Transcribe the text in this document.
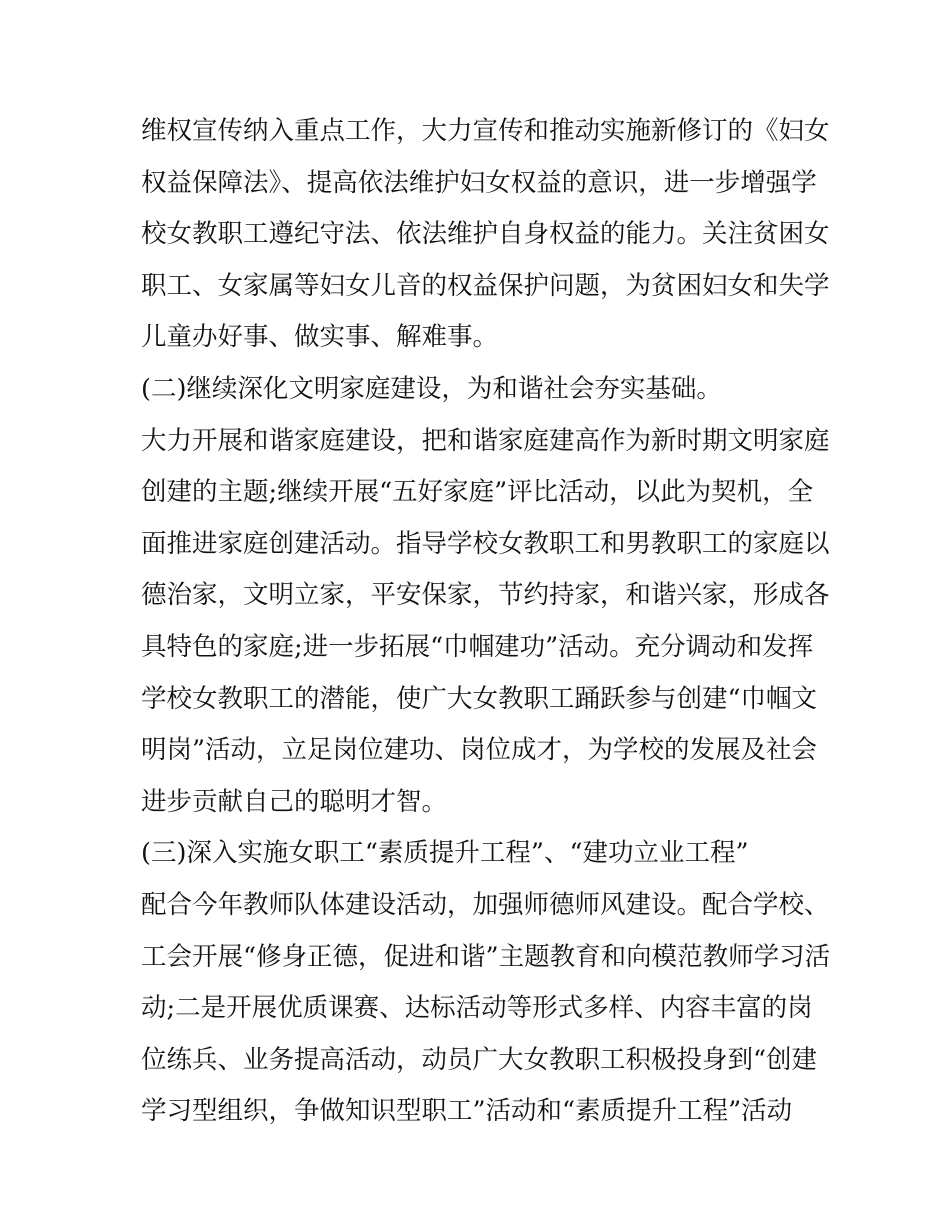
维权宣传纳入重点工作，大力宣传和推动实施新修订的《妇女
权益保障法》、提高依法维护妇女权益的意识，进一步增强学
校女教职工遵纪守法、依法维护自身权益的能力。关注贫困女
职工、女家属等妇女儿音的权益保护问题，为贫困妇女和失学
儿童办好事、做实事、解难事。
(二)继续深化文明家庭建设，为和谐社会夯实基础。
大力开展和谐家庭建设，把和谐家庭建高作为新时期文明家庭
创建的主题;继续开展“五好家庭”评比活动，以此为契机，全
面推进家庭创建活动。指导学校女教职工和男教职工的家庭以
德治家，文明立家，平安保家，节约持家，和谐兴家，形成各
具特色的家庭;进一步拓展“巾帼建功”活动。充分调动和发挥
学校女教职工的潜能，使广大女教职工踊跃参与创建“巾帼文
明岗”活动，立足岗位建功、岗位成才，为学校的发展及社会
进步贡献自己的聪明才智。
(三)深入实施女职工“素质提升工程”、“建功立业工程”
配合今年教师队体建设活动，加强师德师风建设。配合学校、
工会开展“修身正德，促进和谐”主题教育和向模范教师学习活
动;二是开展优质课赛、达标活动等形式多样、内容丰富的岗
位练兵、业务提高活动，动员广大女教职工积极投身到“创建
学习型组织，争做知识型职工”活动和“素质提升工程”活动
